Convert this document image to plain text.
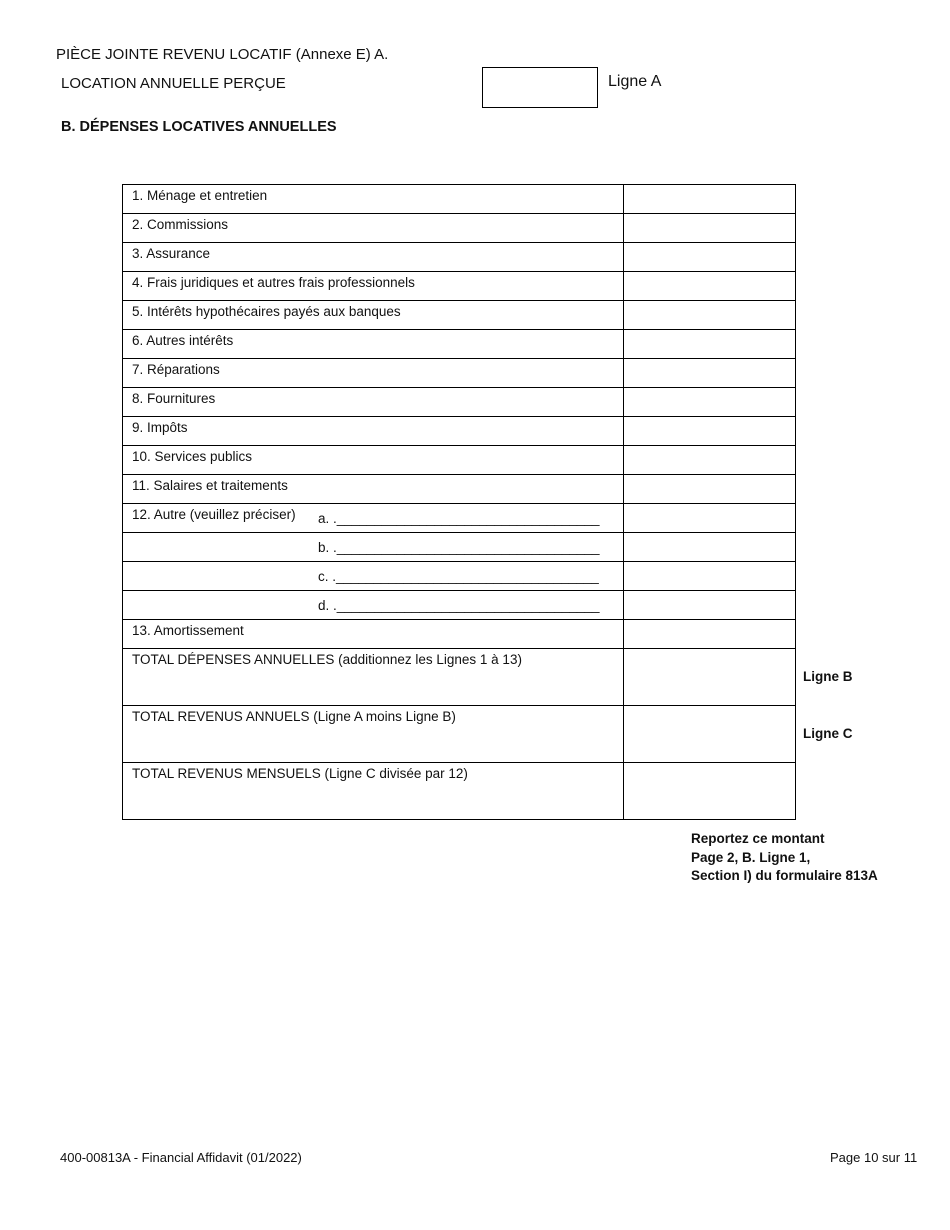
PIÈCE JOINTE REVENU LOCATIF (Annexe E) A.
LOCATION ANNUELLE PERÇUE	Ligne A
B. DÉPENSES LOCATIVES ANNUELLES
1. Ménage et entretien	

2. Commissions	

3. Assurance	

4. Frais juridiques et autres frais professionnels	

5. Intérêts hypothécaires payés aux banques	

6. Autres intérêts	

7. Réparations	

8. Fournitures	

9. Impôts	

10. Services publics	

11. Salaires et traitements	

12. Autre (veuillez préciser) a. .___________________________________	

b. .___________________________________	

c. .___________________________________	

d. .___________________________________	

13. Amortissement	

TOTAL DÉPENSES ANNUELLES (additionnez les Lignes 1 à 13)	

TOTAL REVENUS ANNUELS (Ligne A moins Ligne B)	

TOTAL REVENUS MENSUELS (Ligne C divisée par 12)	

Ligne B
Ligne C
Reportez ce montant
Page 2, B. Ligne 1,
Section I) du formulaire 813A
400-00813A - Financial Affidavit (01/2022)	Page 10 sur 11
